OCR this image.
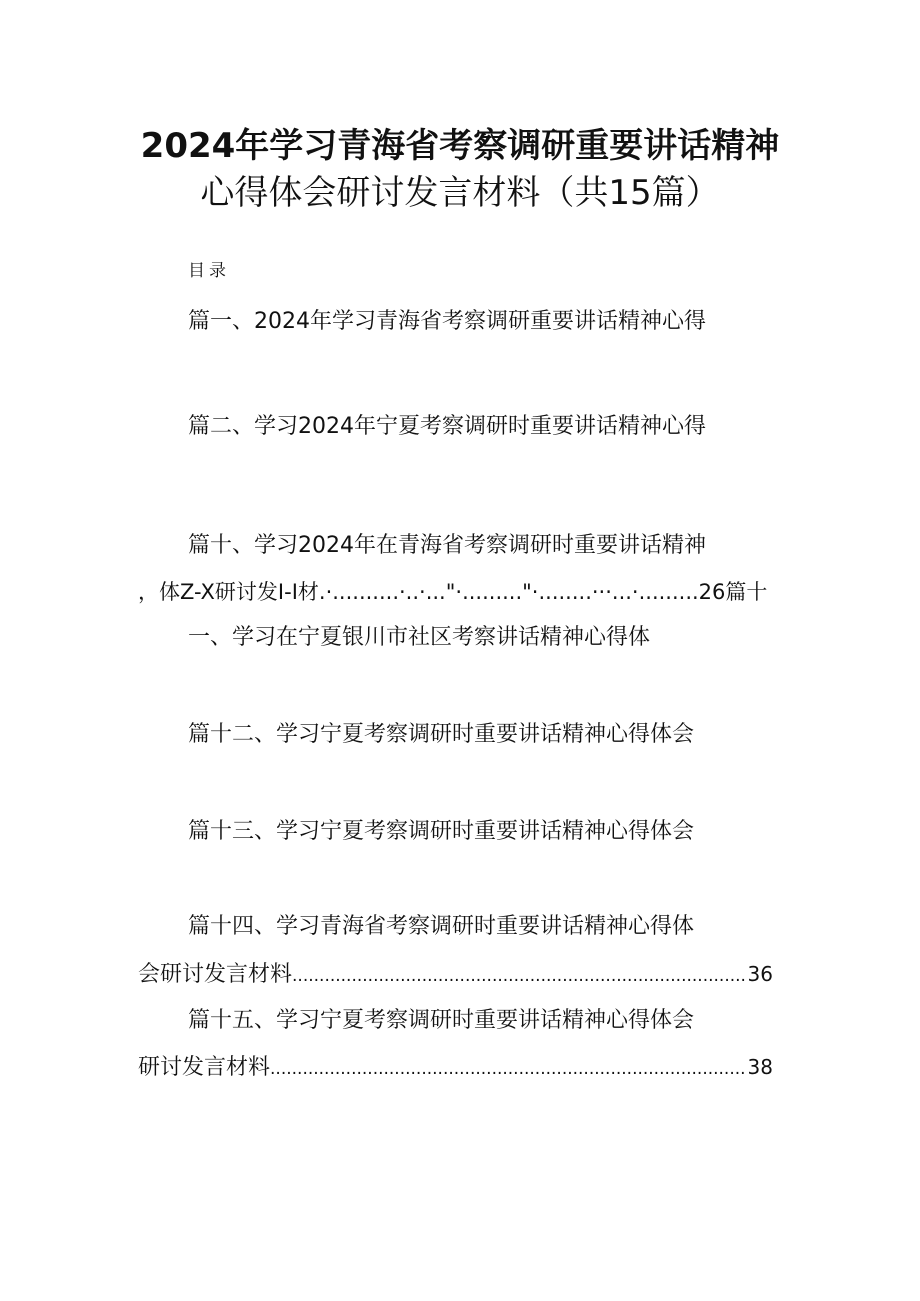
2024年学习青海省考察调研重要讲话精神
心得体会研讨发言材料（共15篇）
目录
篇一、2024年学习青海省考察调研重要讲话精神心得
篇二、学习2024年宁夏考察调研时重要讲话精神心得
篇十、学习2024年在青海省考察调研时重要讲话精神
，体Z-X研讨发I-I材.·..........·..·..."·........."·........···...·.........26篇十
一、学习在宁夏银川市社区考察讲话精神心得体
篇十二、学习宁夏考察调研时重要讲话精神心得体会
篇十三、学习宁夏考察调研时重要讲话精神心得体会
篇十四、学习青海省考察调研时重要讲话精神心得体
会研讨发言材料 .....	36
篇十五、学习宁夏考察调研时重要讲话精神心得体会
研讨发言材料 .....	38
